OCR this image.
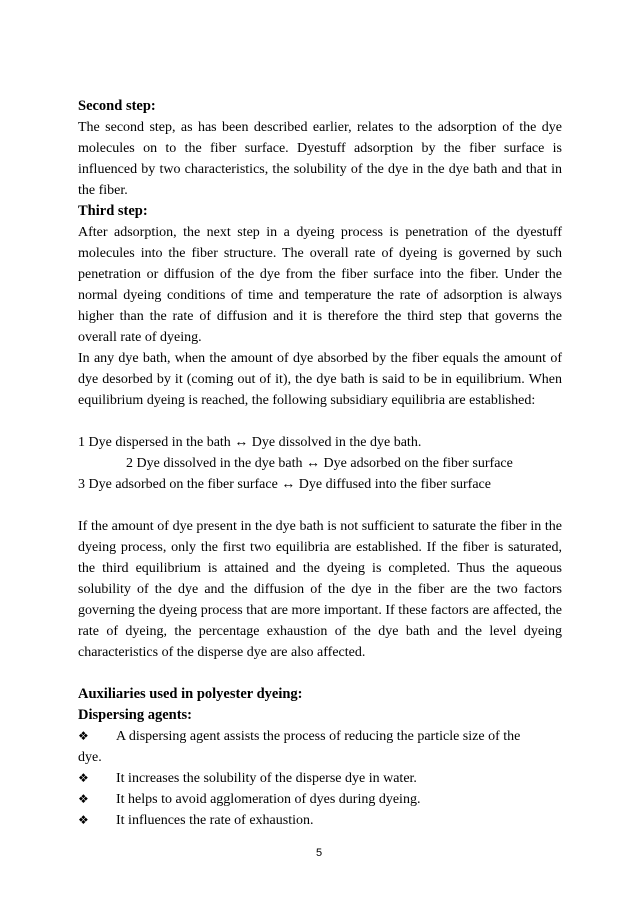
Second step:

The second step, as has been described earlier, relates to the adsorption of the dye molecules on to the fiber surface. Dyestuff adsorption by the fiber surface is influenced by two characteristics, the solubility of the dye in the dye bath and that in the fiber.

Third step:

After adsorption, the next step in a dyeing process is penetration of the dyestuff molecules into the fiber structure. The overall rate of dyeing is governed by such penetration or diffusion of the dye from the fiber surface into the fiber. Under the normal dyeing conditions of time and temperature the rate of adsorption is always higher than the rate of diffusion and it is therefore the third step that governs the overall rate of dyeing.

In any dye bath, when the amount of dye absorbed by the fiber equals the amount of dye desorbed by it (coming out of it), the dye bath is said to be in equilibrium. When equilibrium dyeing is reached, the following subsidiary equilibria are established:

1 Dye dispersed in the bath ↔ Dye dissolved in the dye bath.

2 Dye dissolved in the dye bath ↔ Dye adsorbed on the fiber surface

3 Dye adsorbed on the fiber surface ↔ Dye diffused into the fiber surface

If the amount of dye present in the dye bath is not sufficient to saturate the fiber in the dyeing process, only the first two equilibria are established. If the fiber is saturated, the third equilibrium is attained and the dyeing is completed. Thus the aqueous solubility of the dye and the diffusion of the dye in the fiber are the two factors governing the dyeing process that are more important. If these factors are affected, the rate of dyeing, the percentage exhaustion of the dye bath and the level dyeing characteristics of the disperse dye are also affected.

Auxiliaries used in polyester dyeing:

Dispersing agents:

❖	A dispersing agent assists the process of reducing the particle size of the

dye.

❖	It increases the solubility of the disperse dye in water.
❖	It helps to avoid agglomeration of dyes during dyeing.
❖	It influences the rate of exhaustion.
5
